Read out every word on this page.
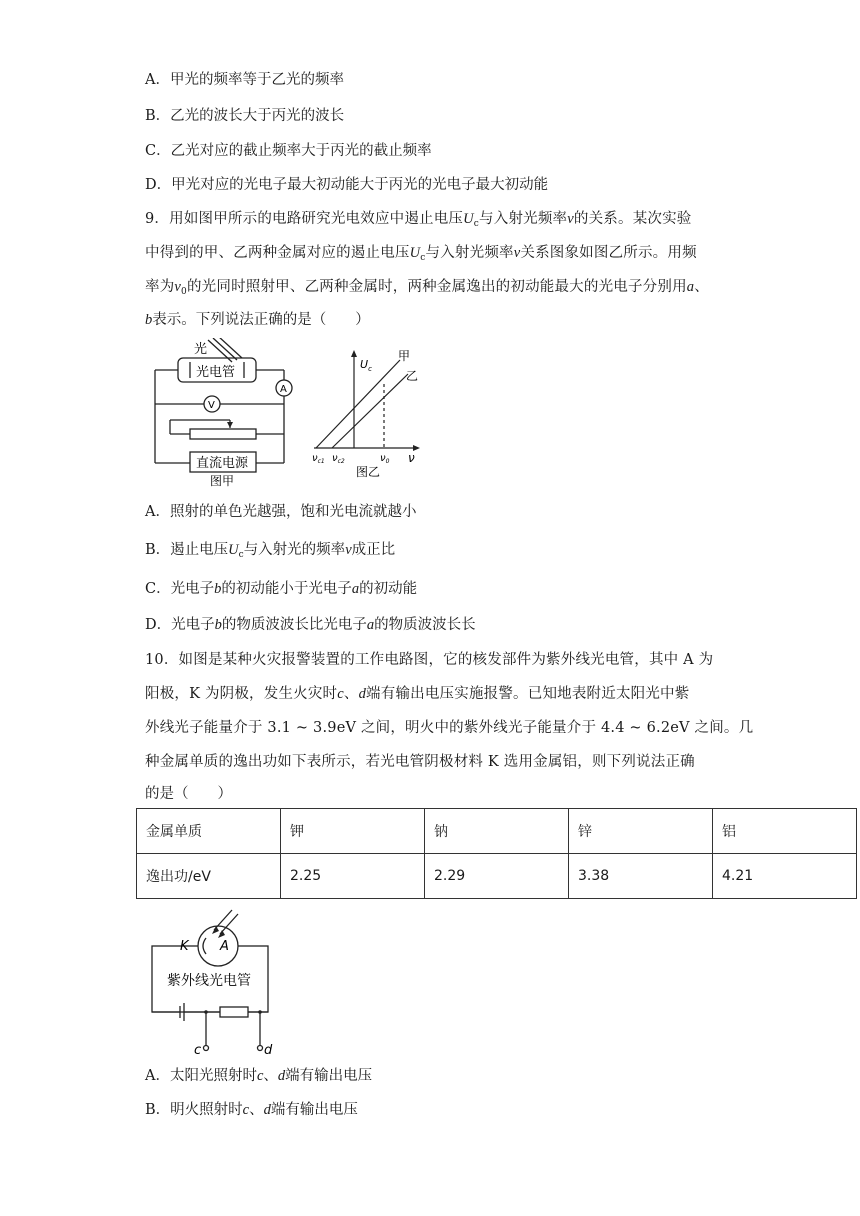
A．甲光的频率等于乙光的频率
B．乙光的波长大于丙光的波长
C．乙光对应的截止频率大于丙光的截止频率
D．甲光对应的光电子最大初动能大于丙光的光电子最大初动能
9．用如图甲所示的电路研究光电效应中遏止电压$U_c$与入射光频率ν的关系。某次实验
中得到的甲、乙两种金属对应的遏止电压$U_c$与入射光频率ν关系图象如图乙所示。用频
率为$\nu_0$的光同时照射甲、乙两种金属时，两种金属逸出的初动能最大的光电子分别用a、
b表示。下列说法正确的是（　　）
光
光电管
A
V
直流电源
图甲
$U_c$
甲
乙
ν
$\nu_{c1}$ $\nu_{c2}$	$\nu_0$
图乙
A．照射的单色光越强，饱和光电流就越小
B．遏止电压$U_c$与入射光的频率ν成正比
C．光电子b的初动能小于光电子a的初动能
D．光电子b的物质波波长比光电子a的物质波波长长
10．如图是某种火灾报警装置的工作电路图，它的核发部件为紫外线光电管，其中 A 为
阳极，K 为阴极，发生火灾时c、d端有输出电压实施报警。已知地表附近太阳光中紫
外线光子能量介于 3.1 ~ 3.9eV 之间，明火中的紫外线光子能量介于 4.4 ~ 6.2eV 之间。几
种金属单质的逸出功如下表所示，若光电管阴极材料 K 选用金属铝，则下列说法正确
的是（　　）
金属单质	钾	钠	锌	铝
逸出功/eV	2.25	2.29	3.38	4.21
K A
紫外线光电管
c	d
A．太阳光照射时c、d端有输出电压
B．明火照射时c、d端有输出电压
